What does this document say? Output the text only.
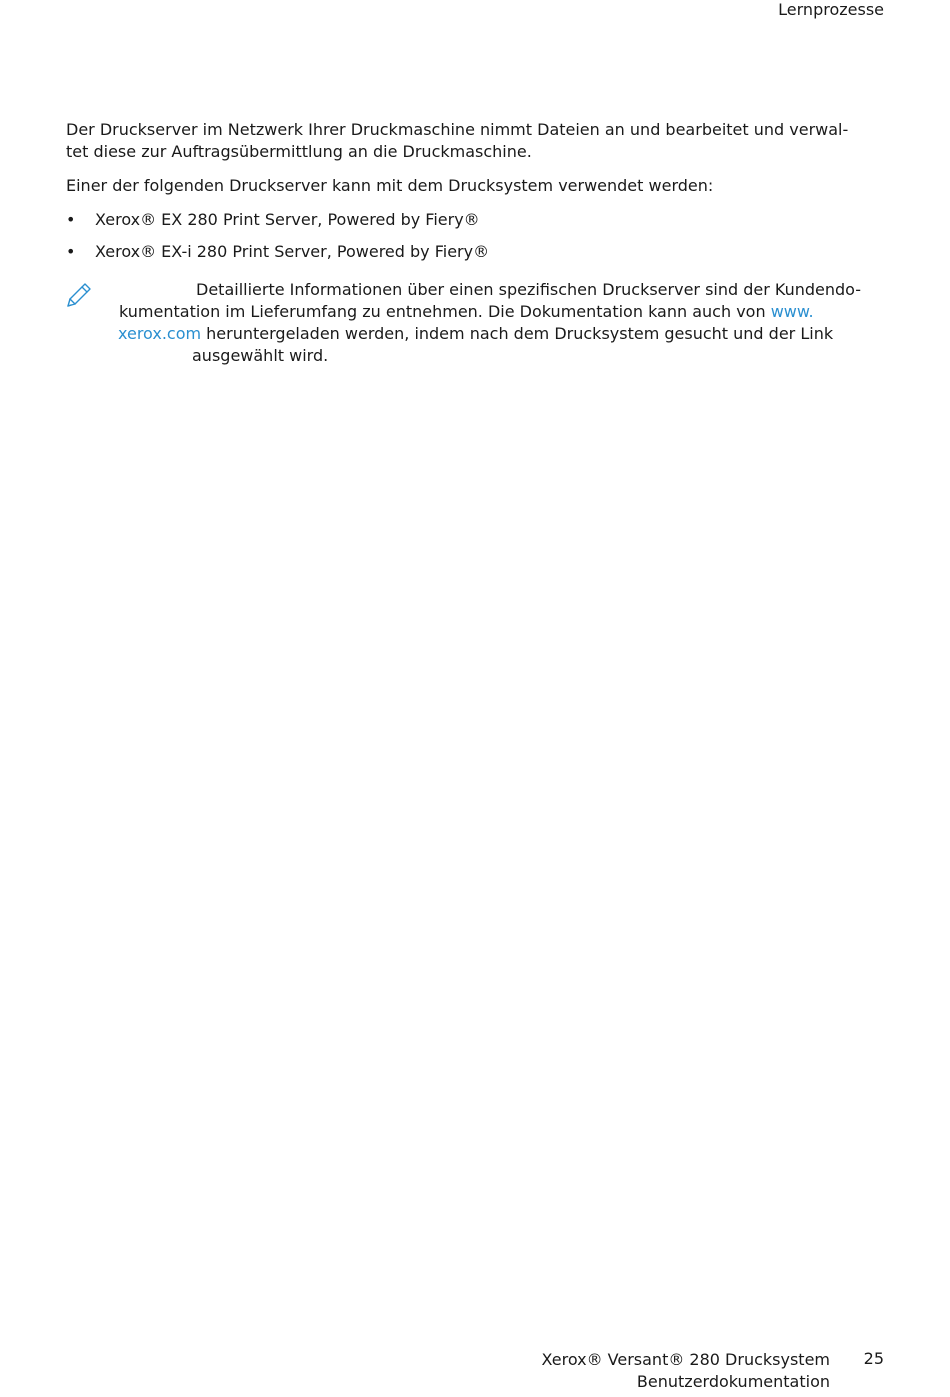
Lernprozesse

Der Druckserver im Netzwerk Ihrer Druckmaschine nimmt Dateien an und bearbeitet und verwal-
tet diese zur Auftragsübermittlung an die Druckmaschine.

Einer der folgenden Druckserver kann mit dem Drucksystem verwendet werden:

• Xerox® EX 280 Print Server, Powered by Fiery®
• Xerox® EX-i 280 Print Server, Powered by Fiery®
Detaillierte Informationen über einen spezifischen Druckserver sind der Kundendo-
kumentation im Lieferumfang zu entnehmen. Die Dokumentation kann auch von www.
xerox.com heruntergeladen werden, indem nach dem Drucksystem gesucht und der Link
ausgewählt wird.
Xerox® Versant® 280 Drucksystem
Benutzerdokumentation
25
